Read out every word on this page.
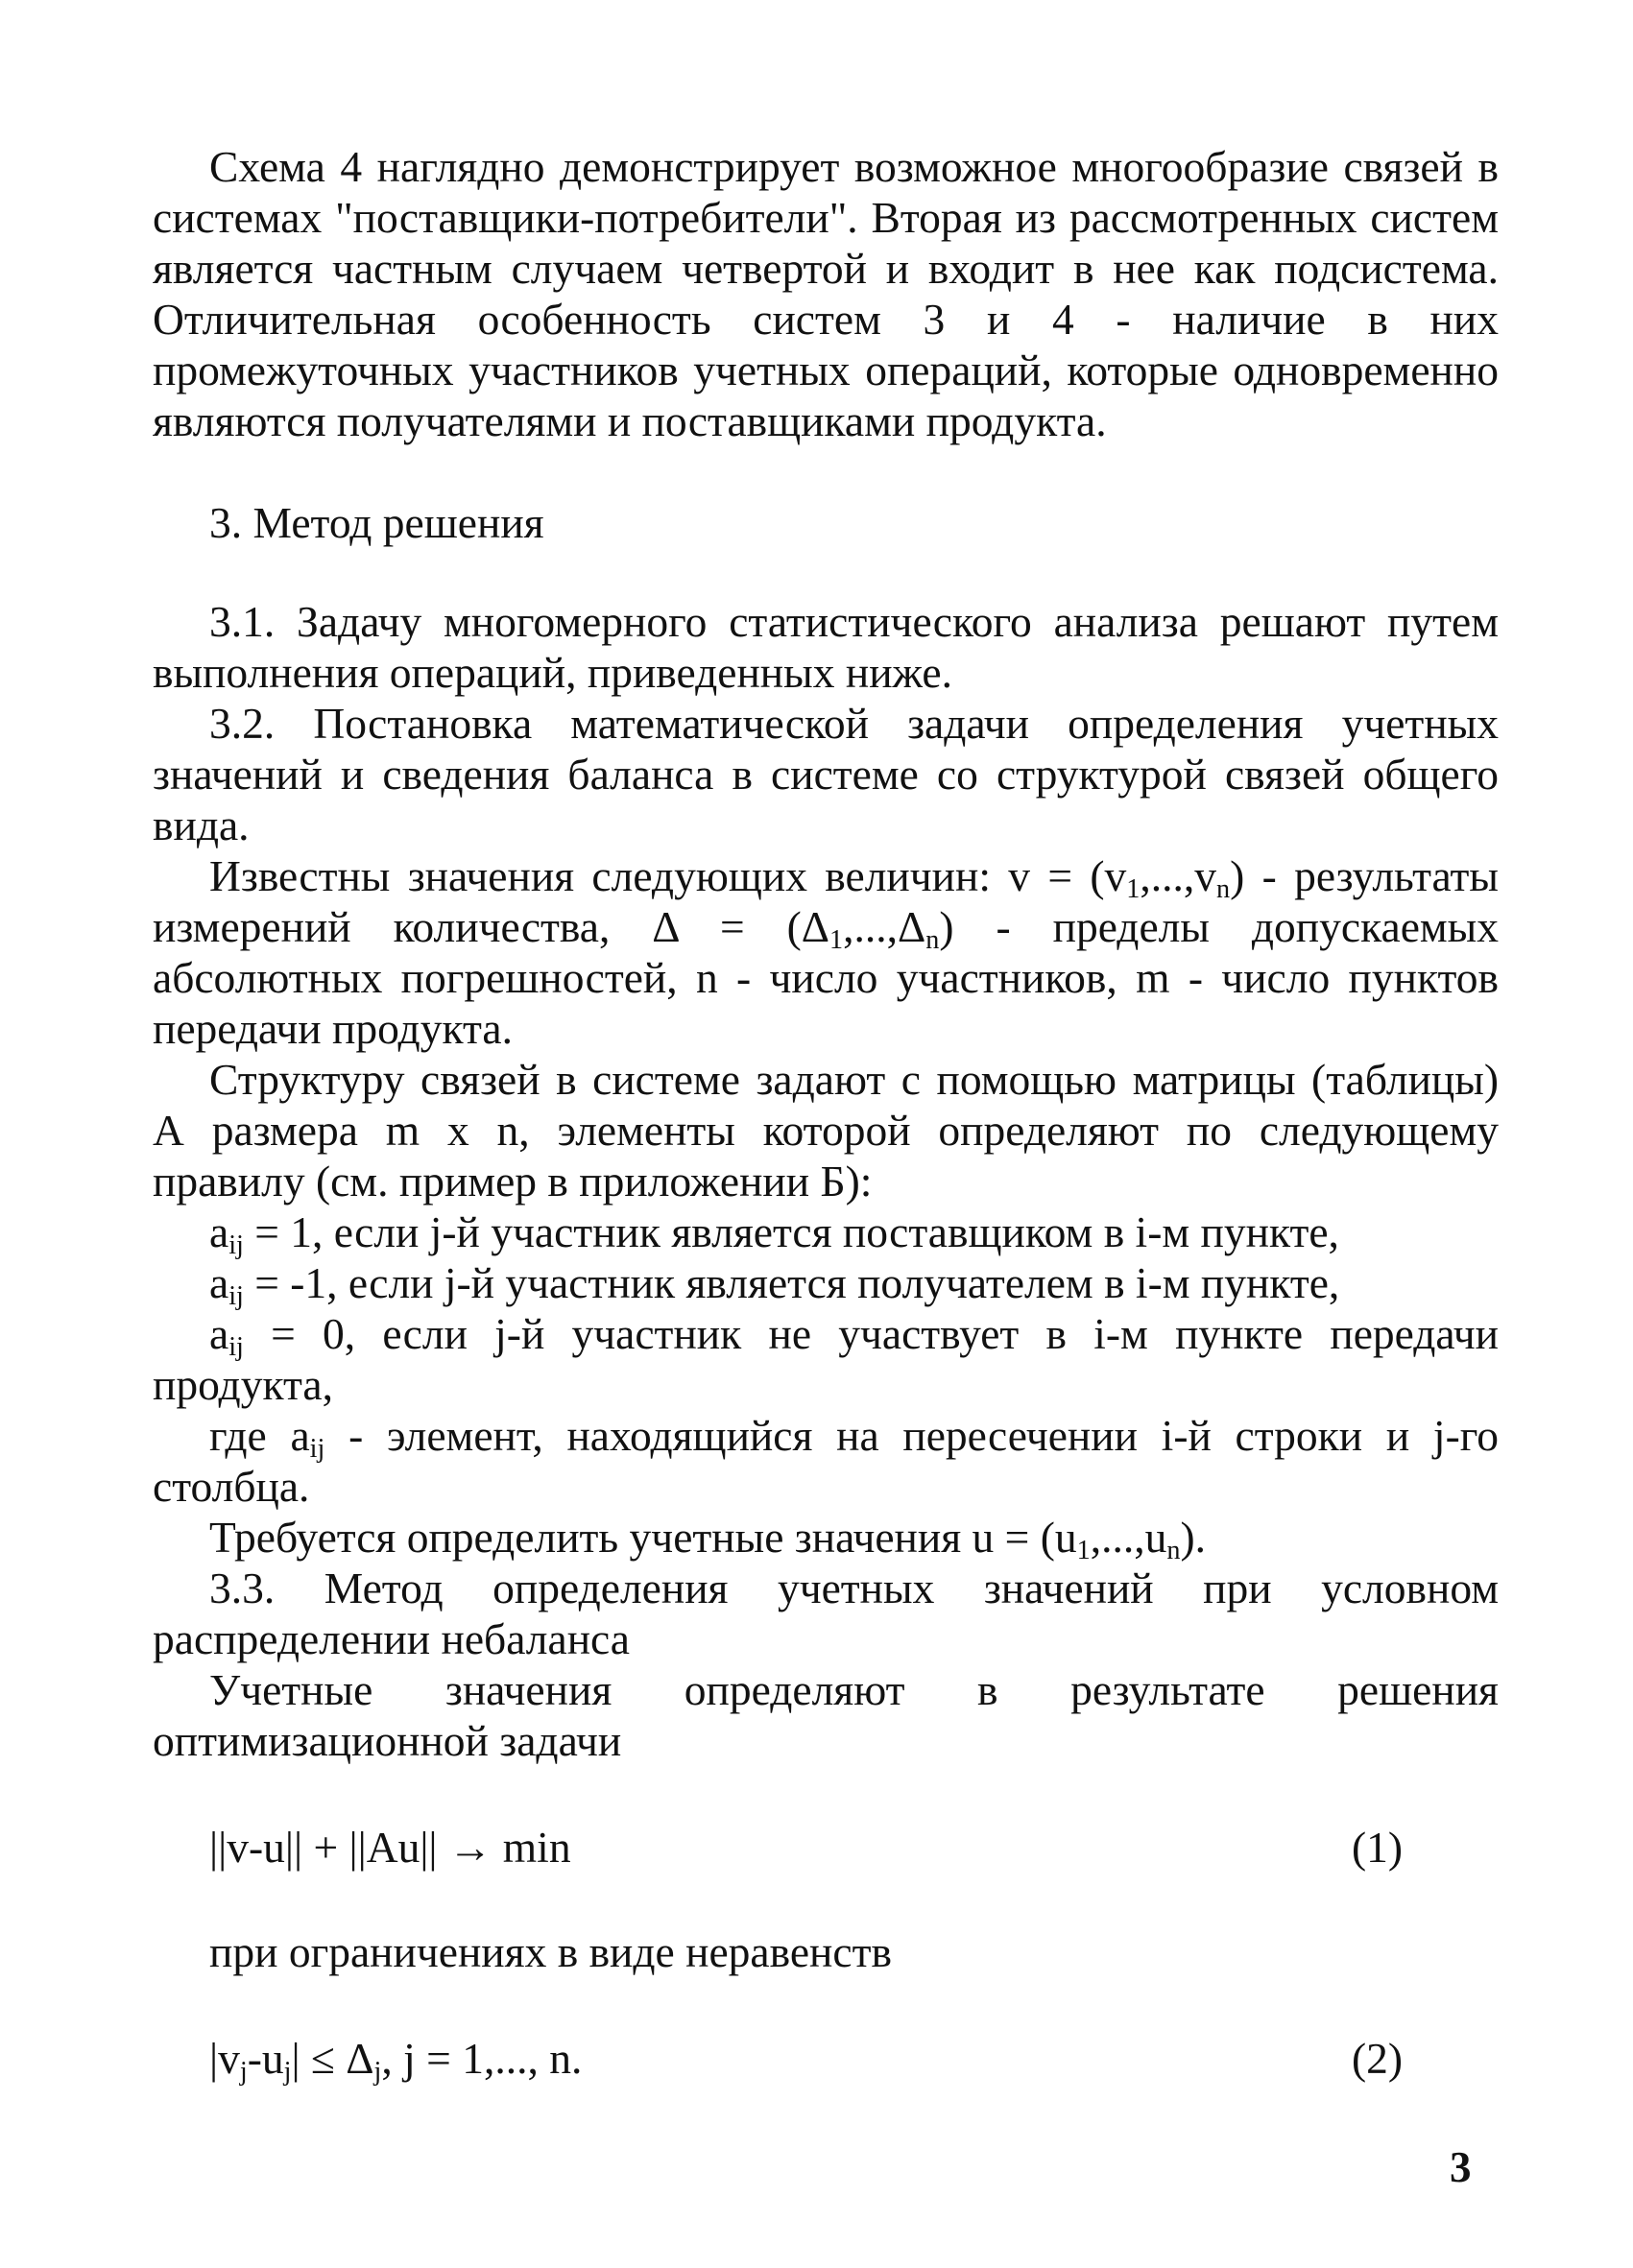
Схема 4 наглядно демонстрирует возможное многообразие связей в системах "поставщики-потребители". Вторая из рассмотренных систем является частным случаем четвертой и входит в нее как подсистема. Отличительная особенность систем 3 и 4 - наличие в них промежуточных участников учетных операций, которые одновременно являются получателями и поставщиками продукта.

3. Метод решения

3.1. Задачу многомерного статистического анализа решают путем выполнения операций, приведенных ниже.

3.2. Постановка математической задачи определения учетных значений и сведения баланса в системе со структурой связей общего вида.

Известны значения следующих величин: $v = (v_1,...,v_n)$ - результаты измерений количества, $\Delta = (\Delta_1,...,\Delta_n)$ - пределы допускаемых абсолютных погрешностей, n - число участников, m - число пунктов передачи продукта.

Структуру связей в системе задают с помощью матрицы (таблицы) А размера m x n, элементы которой определяют по следующему правилу (см. пример в приложении Б):

$a_{ij} = 1$, если j-й участник является поставщиком в i-м пункте,

$a_{ij} = -1$, если j-й участник является получателем в i-м пункте,

$a_{ij} = 0$, если j-й участник не участвует в i-м пункте передачи продукта,

где $a_{ij}$ - элемент, находящийся на пересечении i-й строки и j-го столбца.

Требуется определить учетные значения $u = (u_1,...,u_n)$.

3.3. Метод определения учетных значений при условном распределении небаланса

Учетные значения определяют в результате решения оптимизационной задачи

||v-u|| + ||Au|| → min	(1)

при ограничениях в виде неравенств

$|v_j-u_j| \le \Delta_j$, j = 1,..., n.	(2)
3
